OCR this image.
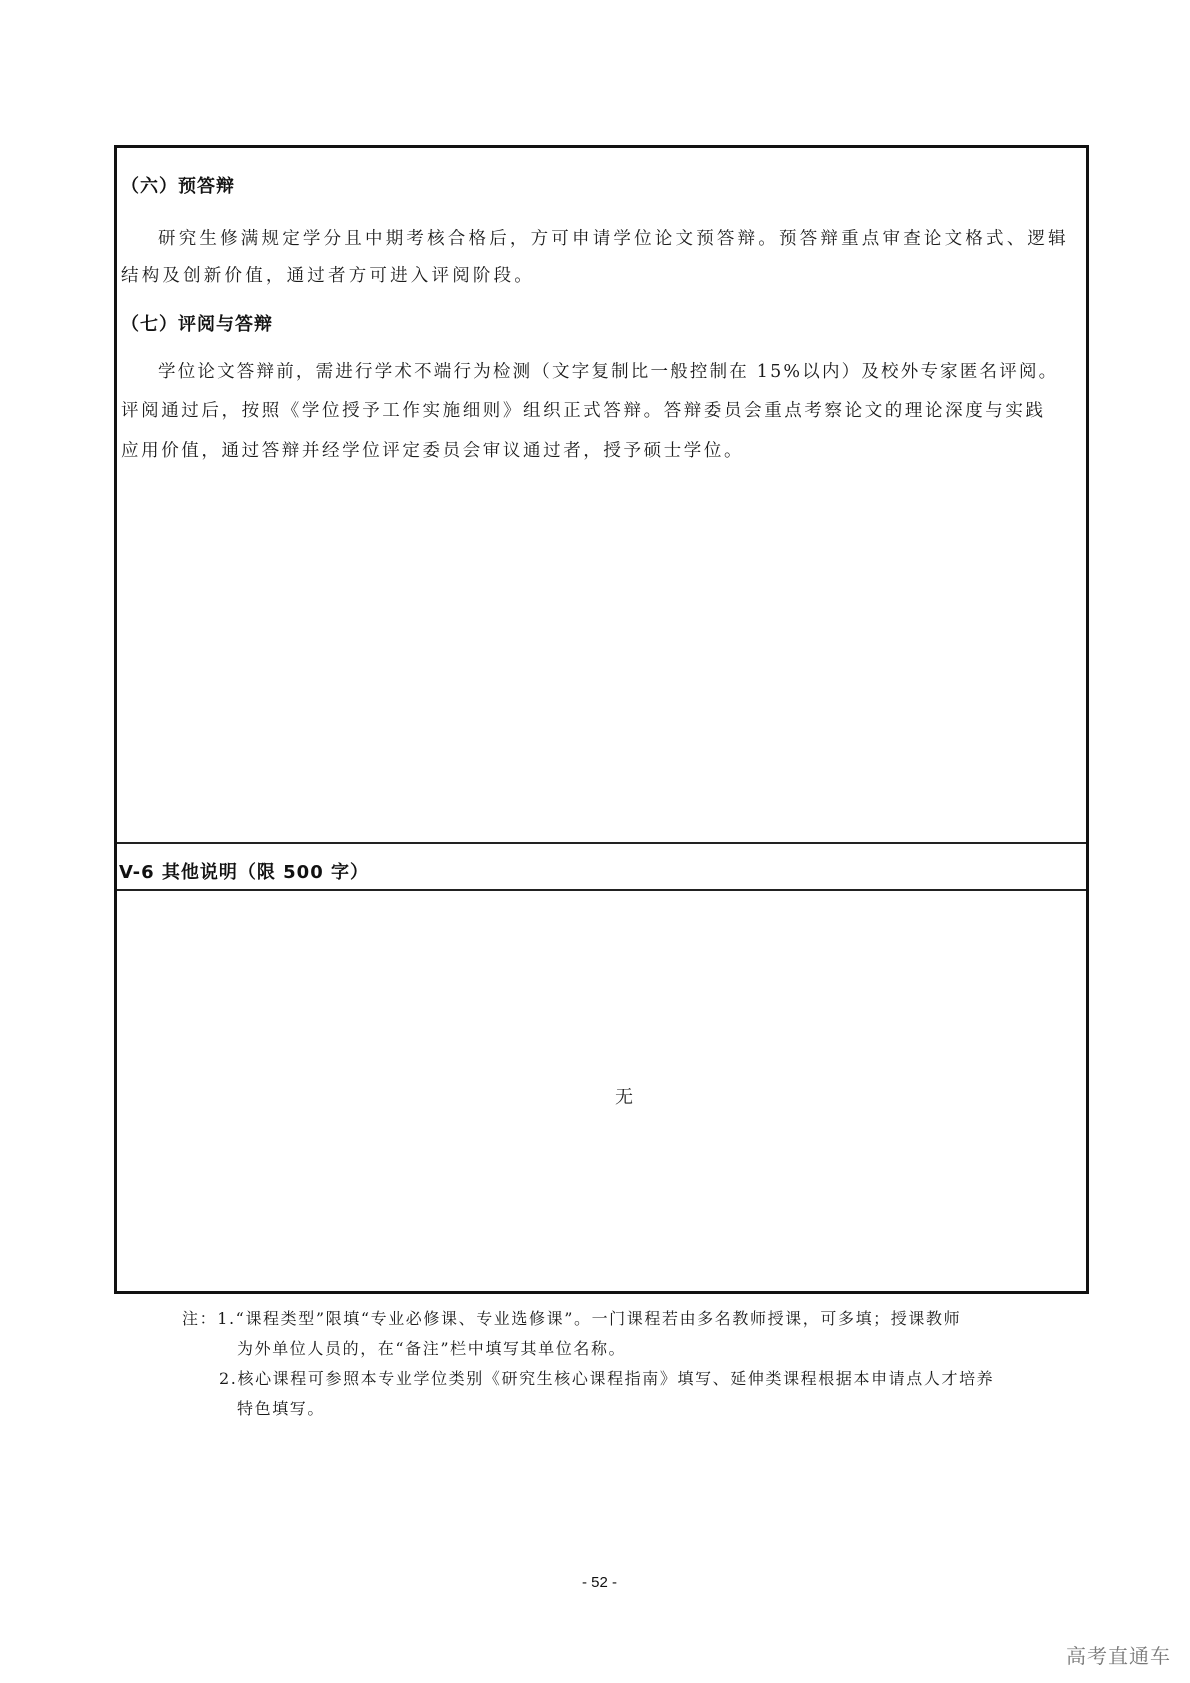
（六）预答辩
研究生修满规定学分且中期考核合格后，方可申请学位论文预答辩。预答辩重点审查论文格式、逻辑
结构及创新价值，通过者方可进入评阅阶段。
（七）评阅与答辩
学位论文答辩前，需进行学术不端行为检测（文字复制比一般控制在 15%以内）及校外专家匿名评阅。
评阅通过后，按照《学位授予工作实施细则》组织正式答辩。答辩委员会重点考察论文的理论深度与实践
应用价值，通过答辩并经学位评定委员会审议通过者，授予硕士学位。
V-6 其他说明（限 500 字）
无
注：1.“课程类型”限填“专业必修课、专业选修课”。一门课程若由多名教师授课，可多填；授课教师
为外单位人员的，在“备注”栏中填写其单位名称。
2.核心课程可参照本专业学位类别《研究生核心课程指南》填写、延伸类课程根据本申请点人才培养
特色填写。
- 52 -
高考直通车
